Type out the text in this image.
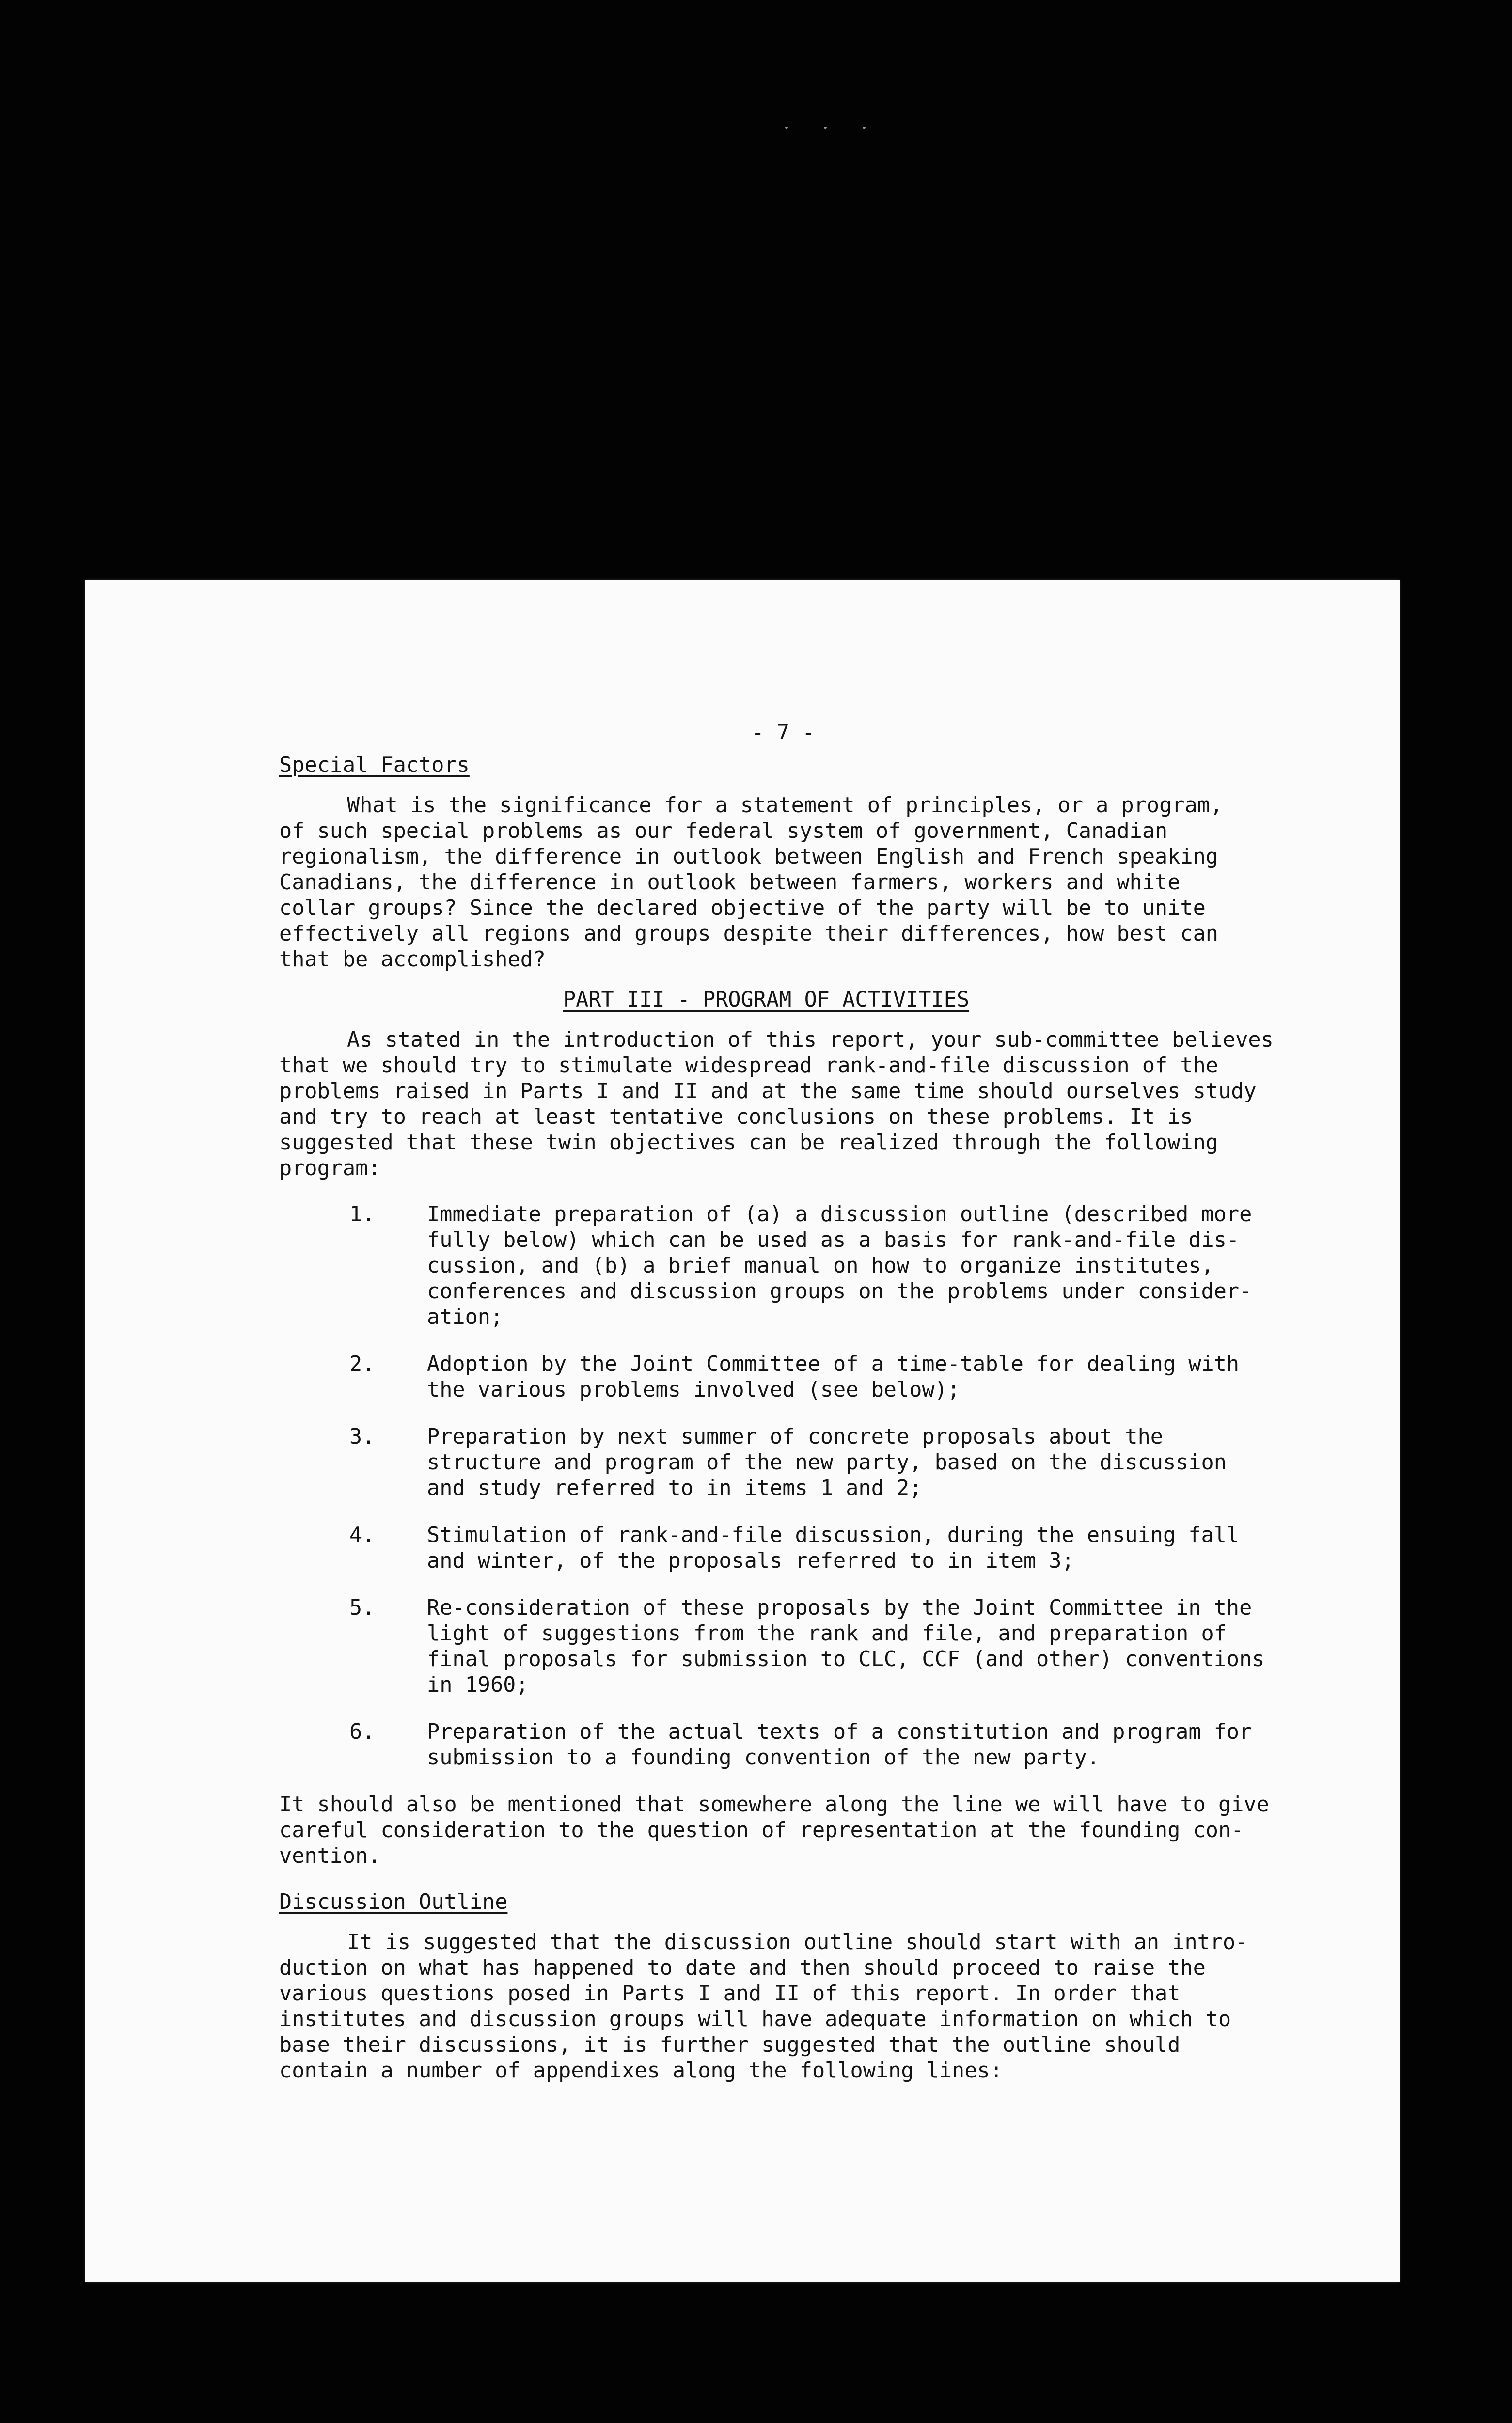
- 7 -
Special Factors

What is the significance for a statement of principles, or a program,
of such special problems as our federal system of government, Canadian
regionalism, the difference in outlook between English and French speaking
Canadians, the difference in outlook between farmers, workers and white
collar groups? Since the declared objective of the party will be to unite
effectively all regions and groups despite their differences, how best can
that be accomplished?

PART III - PROGRAM OF ACTIVITIES

As stated in the introduction of this report, your sub-committee believes
that we should try to stimulate widespread rank-and-file discussion of the
problems raised in Parts I and II and at the same time should ourselves study
and try to reach at least tentative conclusions on these problems. It is
suggested that these twin objectives can be realized through the following
program:

1.	Immediate preparation of (a) a discussion outline (described more
fully below) which can be used as a basis for rank-and-file dis-
cussion, and (b) a brief manual on how to organize institutes,
conferences and discussion groups on the problems under consider-
ation;
2.	Adoption by the Joint Committee of a time-table for dealing with
the various problems involved (see below);
3.	Preparation by next summer of concrete proposals about the
structure and program of the new party, based on the discussion
and study referred to in items 1 and 2;
4.	Stimulation of rank-and-file discussion, during the ensuing fall
and winter, of the proposals referred to in item 3;
5.	Re-consideration of these proposals by the Joint Committee in the
light of suggestions from the rank and file, and preparation of
final proposals for submission to CLC, CCF (and other) conventions
in 1960;
6.	Preparation of the actual texts of a constitution and program for
submission to a founding convention of the new party.

It should also be mentioned that somewhere along the line we will have to give
careful consideration to the question of representation at the founding con-
vention.

Discussion Outline

It is suggested that the discussion outline should start with an intro-
duction on what has happened to date and then should proceed to raise the
various questions posed in Parts I and II of this report. In order that
institutes and discussion groups will have adequate information on which to
base their discussions, it is further suggested that the outline should
contain a number of appendixes along the following lines:
